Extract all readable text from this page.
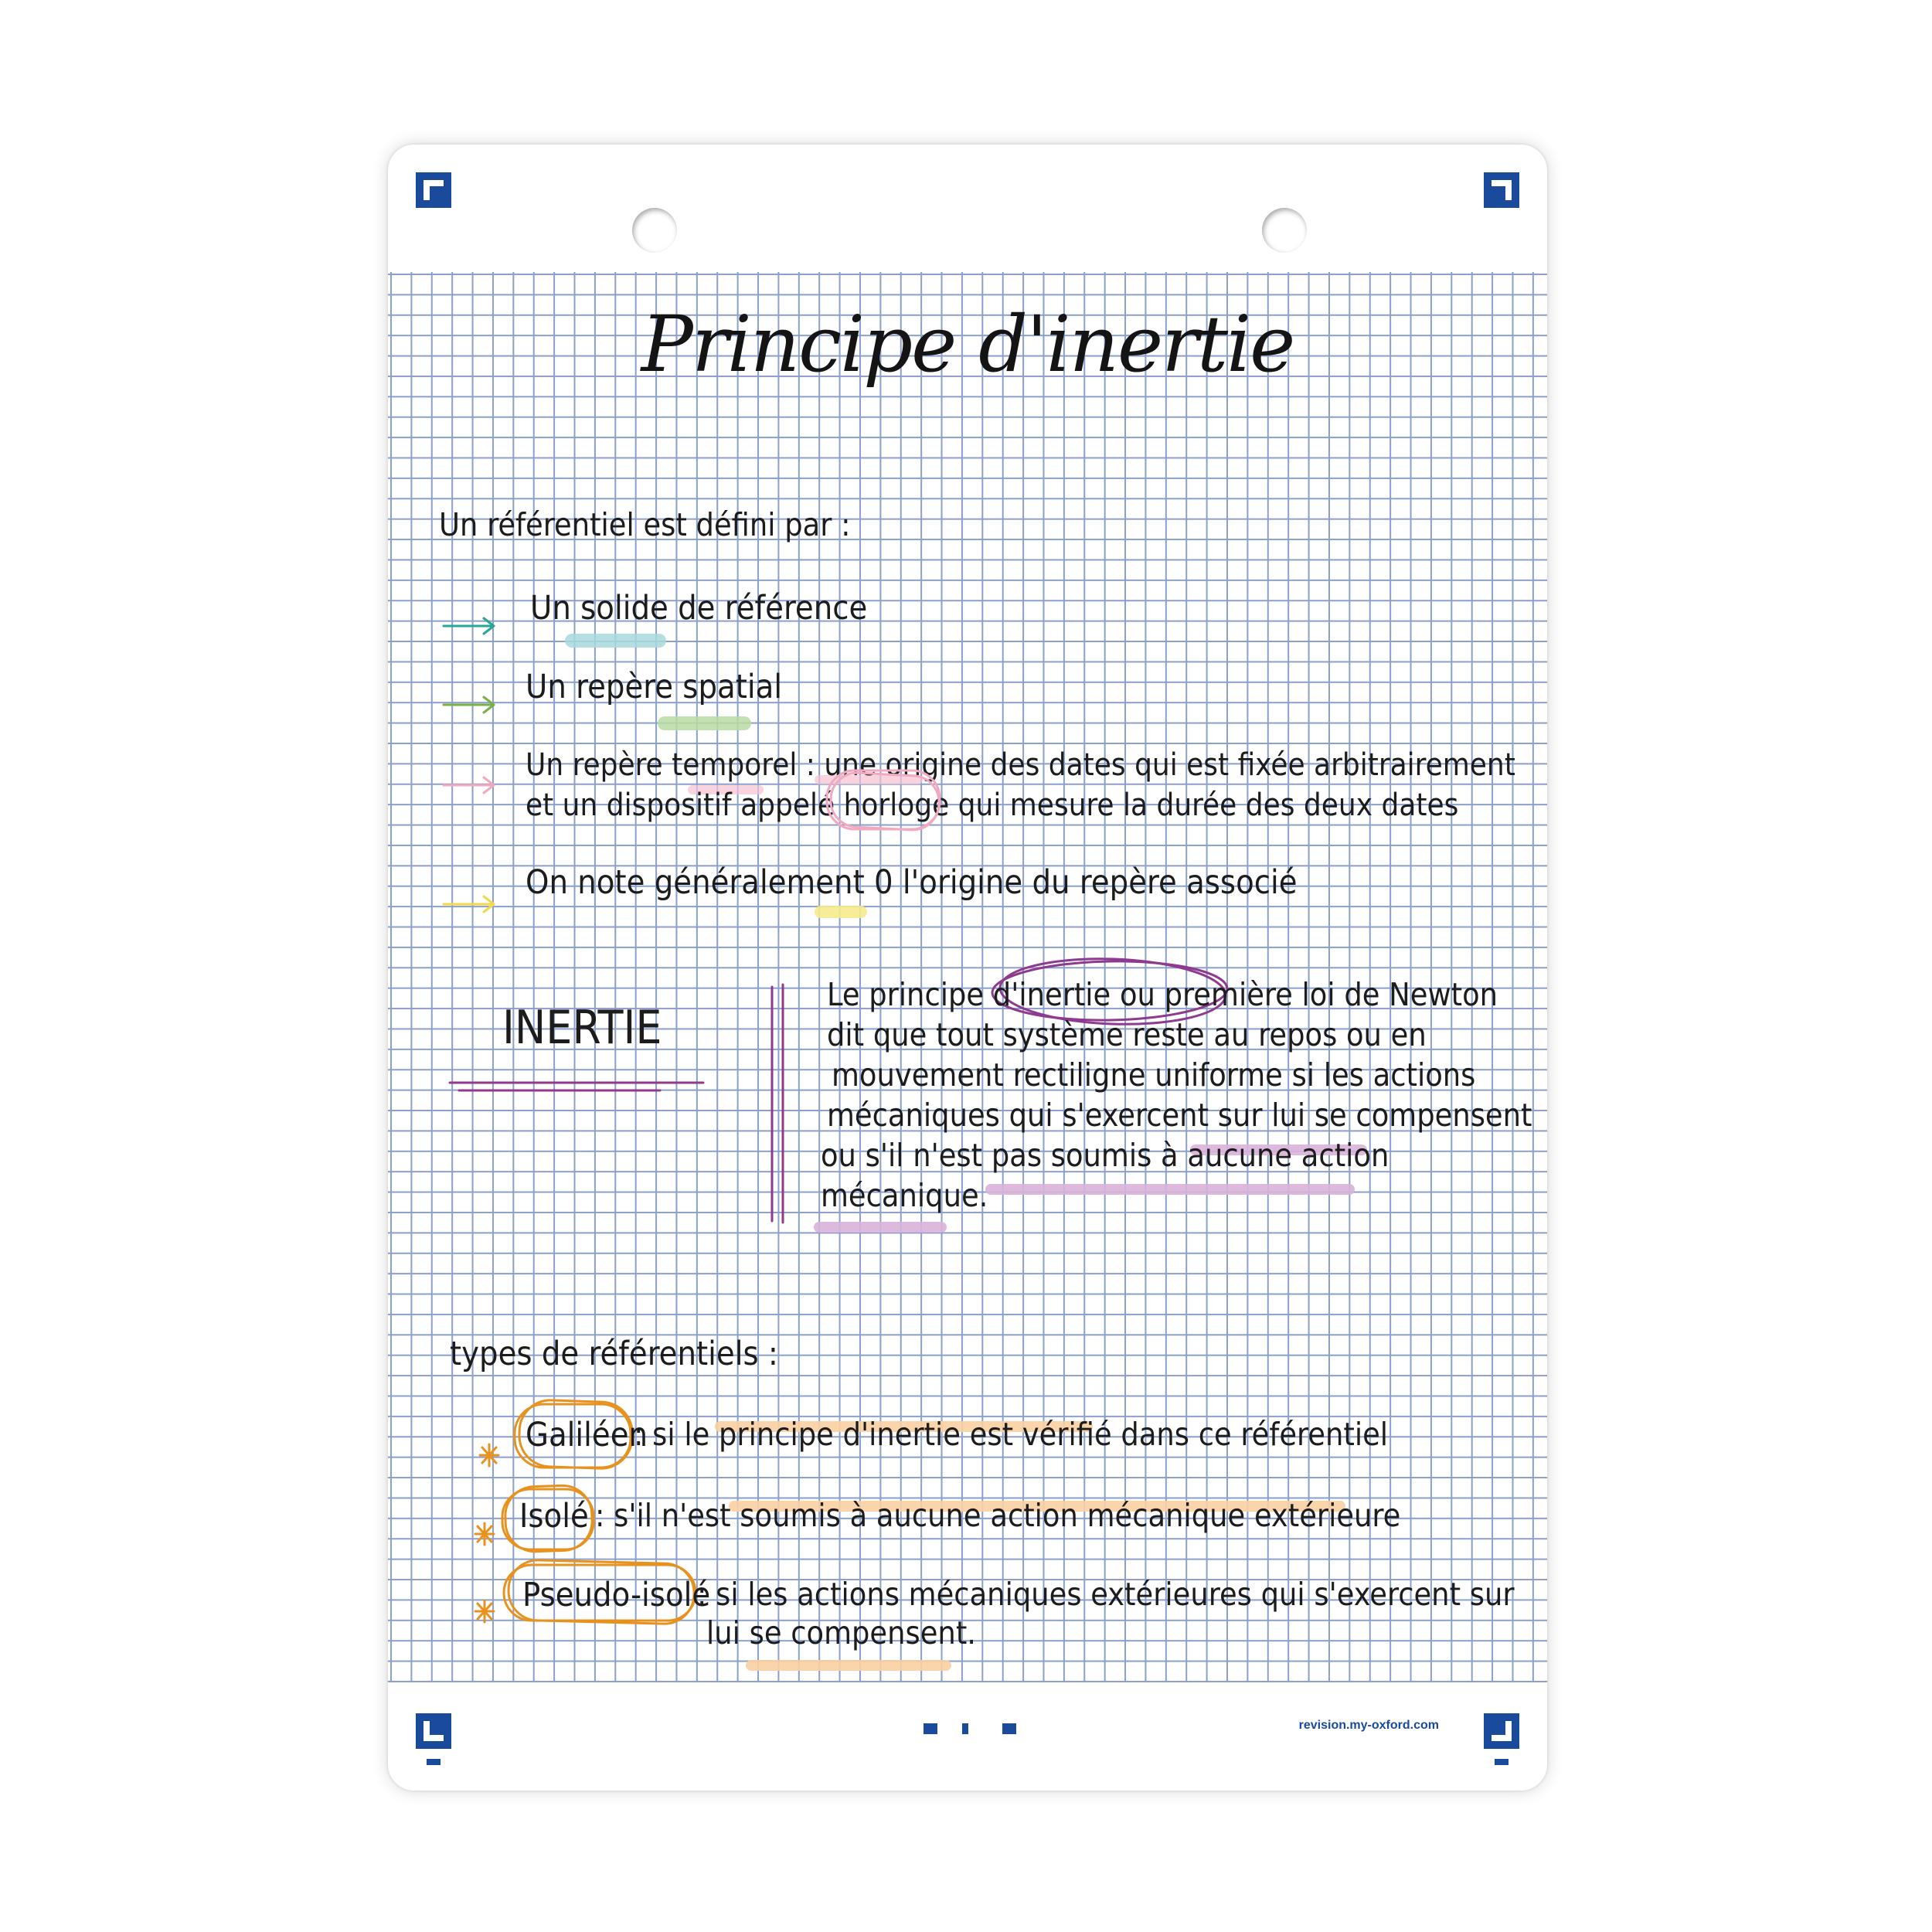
revision.my-oxford.com
Principe d'inertie
Un référentiel est défini par :
Un solide de référence
Un repère spatial
Un repère temporel : une origine des dates qui est fixée arbitrairement
et un dispositif appelé horloge qui mesure la durée des deux dates
On note généralement 0 l'origine du repère associé
INERTIE
Le principe d'inertie ou première loi de Newton
dit que tout système reste au repos ou en
mouvement rectiligne uniforme si les actions
mécaniques qui s'exercent sur lui se compensent
ou s'il n'est pas soumis à aucune action
mécanique.
types de référentiels :
Galiléen
: si le principe d'inertie est vérifié dans ce référentiel
Isolé : s'il n'est soumis à aucune action mécanique extérieure
Pseudo-isolé
: si les actions mécaniques extérieures qui s'exercent sur
lui se compensent.
